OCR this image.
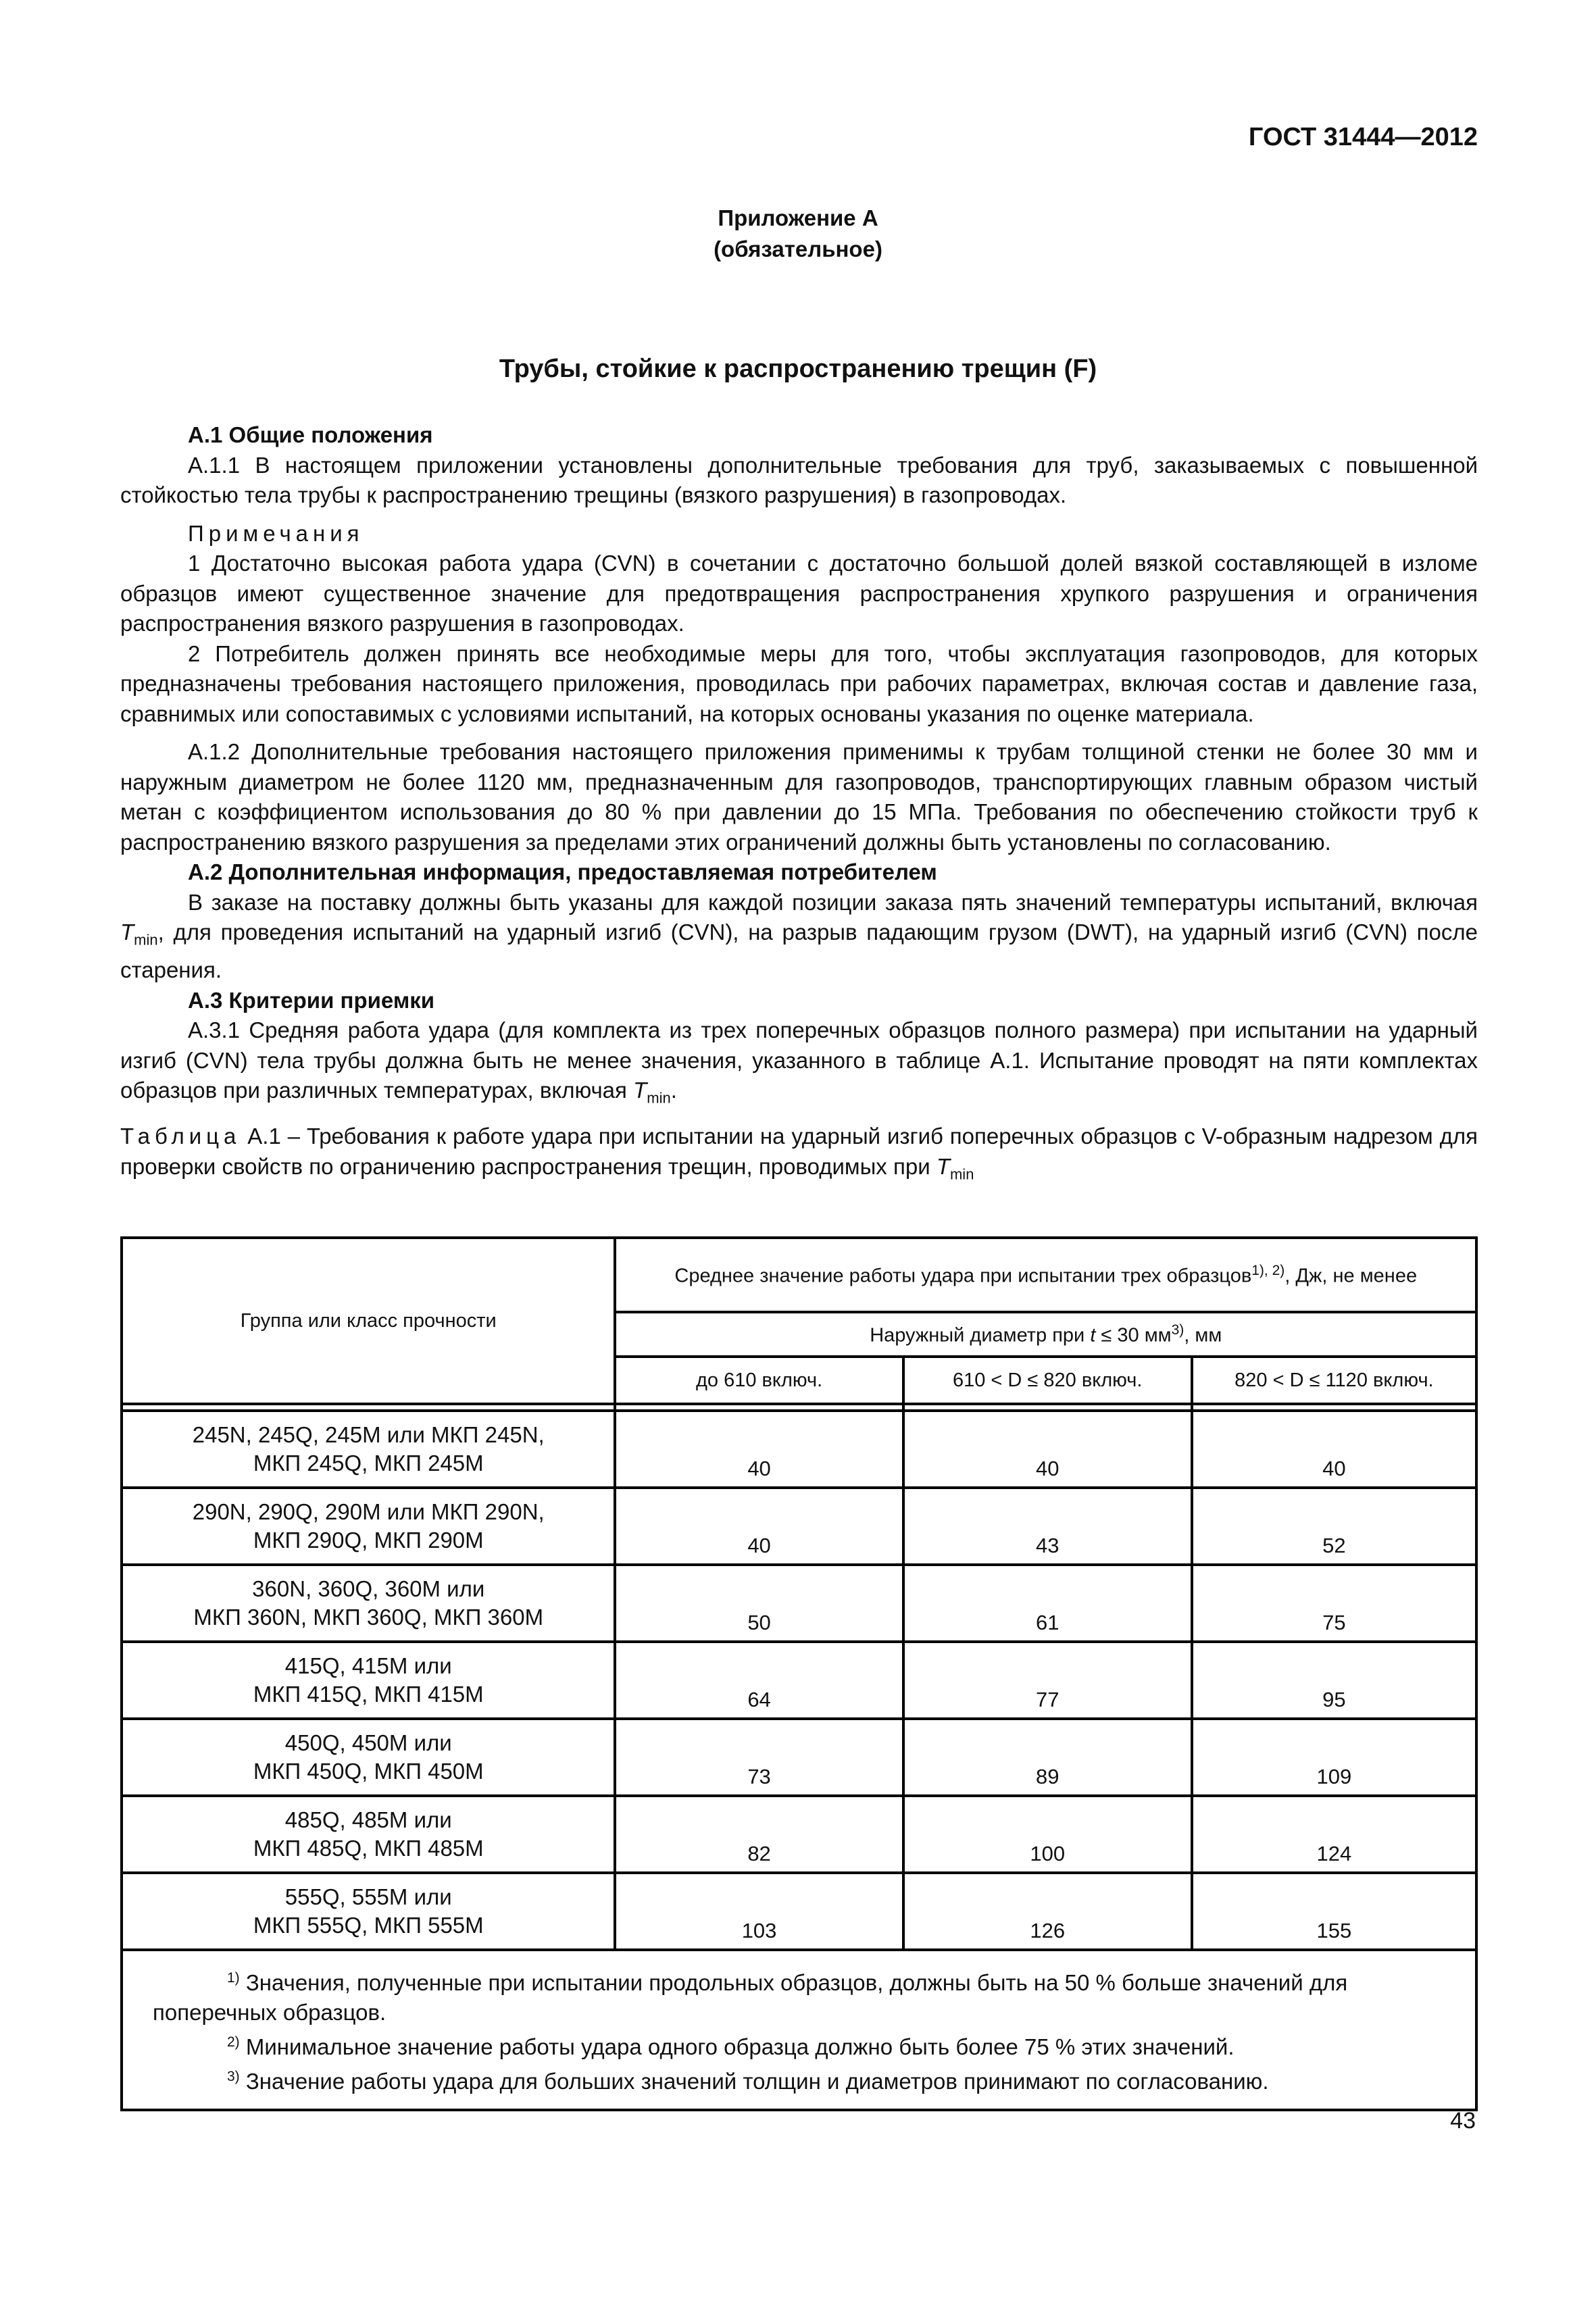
ГОСТ 31444—2012
Приложение А
(обязательное)
Трубы, стойкие к распространению трещин (F)

А.1 Общие положения

А.1.1 В настоящем приложении установлены дополнительные требования для труб, заказываемых с повышенной стойкостью тела трубы к распространению трещины (вязкого разрушения) в газопроводах.

Примечания

1 Достаточно высокая работа удара (CVN) в сочетании с достаточно большой долей вязкой составляющей в изломе образцов имеют существенное значение для предотвращения распространения хрупкого разрушения и ограничения распространения вязкого разрушения в газопроводах.

2 Потребитель должен принять все необходимые меры для того, чтобы эксплуатация газопроводов, для которых предназначены требования настоящего приложения, проводилась при рабочих параметрах, включая состав и давление газа, сравнимых или сопоставимых с условиями испытаний, на которых основаны указания по оценке материала.

А.1.2 Дополнительные требования настоящего приложения применимы к трубам толщиной стенки не более 30 мм и наружным диаметром не более 1120 мм, предназначенным для газопроводов, транспортирующих главным образом чистый метан с коэффициентом использования до 80 % при давлении до 15 МПа. Требования по обеспечению стойкости труб к распространению вязкого разрушения за пределами этих ограничений должны быть установлены по согласованию.

А.2 Дополнительная информация, предоставляемая потребителем

В заказе на поставку должны быть указаны для каждой позиции заказа пять значений температуры испытаний, включая $T_{min}$, для проведения испытаний на ударный изгиб (CVN), на разрыв падающим грузом (DWT), на ударный изгиб (CVN) после старения.

А.3 Критерии приемки

А.3.1 Средняя работа удара (для комплекта из трех поперечных образцов полного размера) при испытании на ударный изгиб (CVN) тела трубы должна быть не менее значения, указанного в таблице А.1. Испытание проводят на пяти комплектах образцов при различных температурах, включая $T_{min}$.

Таблица А.1 – Требования к работе удара при испытании на ударный изгиб поперечных образцов с V-образным надрезом для проверки свойств по ограничению распространения трещин, проводимых при $T_{min}$

Группа или класс прочности	Среднее значение работы удара при испытании трех образцов$^{1), 2)}$, Дж, не менее		
	Наружный диаметр при t ≤ 30 $мм^{3)}$, мм		
	до 610 включ.	610 < D ≤ 820 включ.	820 < D ≤ 1120 включ.

245N, 245Q, 245M или МКП 245N,
МКП 245Q, МКП 245M	40	40	40

290N, 290Q, 290M или МКП 290N,
МКП 290Q, МКП 290M	40	43	52

360N, 360Q, 360M или
МКП 360N, МКП 360Q, МКП 360M	50	61	75

415Q, 415M или
МКП 415Q, МКП 415M	64	77	95

450Q, 450M или
МКП 450Q, МКП 450M	73	89	109

485Q, 485M или
МКП 485Q, МКП 485M	82	100	124

555Q, 555M или
МКП 555Q, МКП 555M	103	126	155

$^{1)}$ Значения, полученные при испытании продольных образцов, должны быть на 50 % больше значений для поперечных образцов.
$^{2)}$ Минимальное значение работы удара одного образца должно быть более 75 % этих значений.
$^{3)}$ Значение работы удара для больших значений толщин и диаметров принимают по согласованию.			
43
